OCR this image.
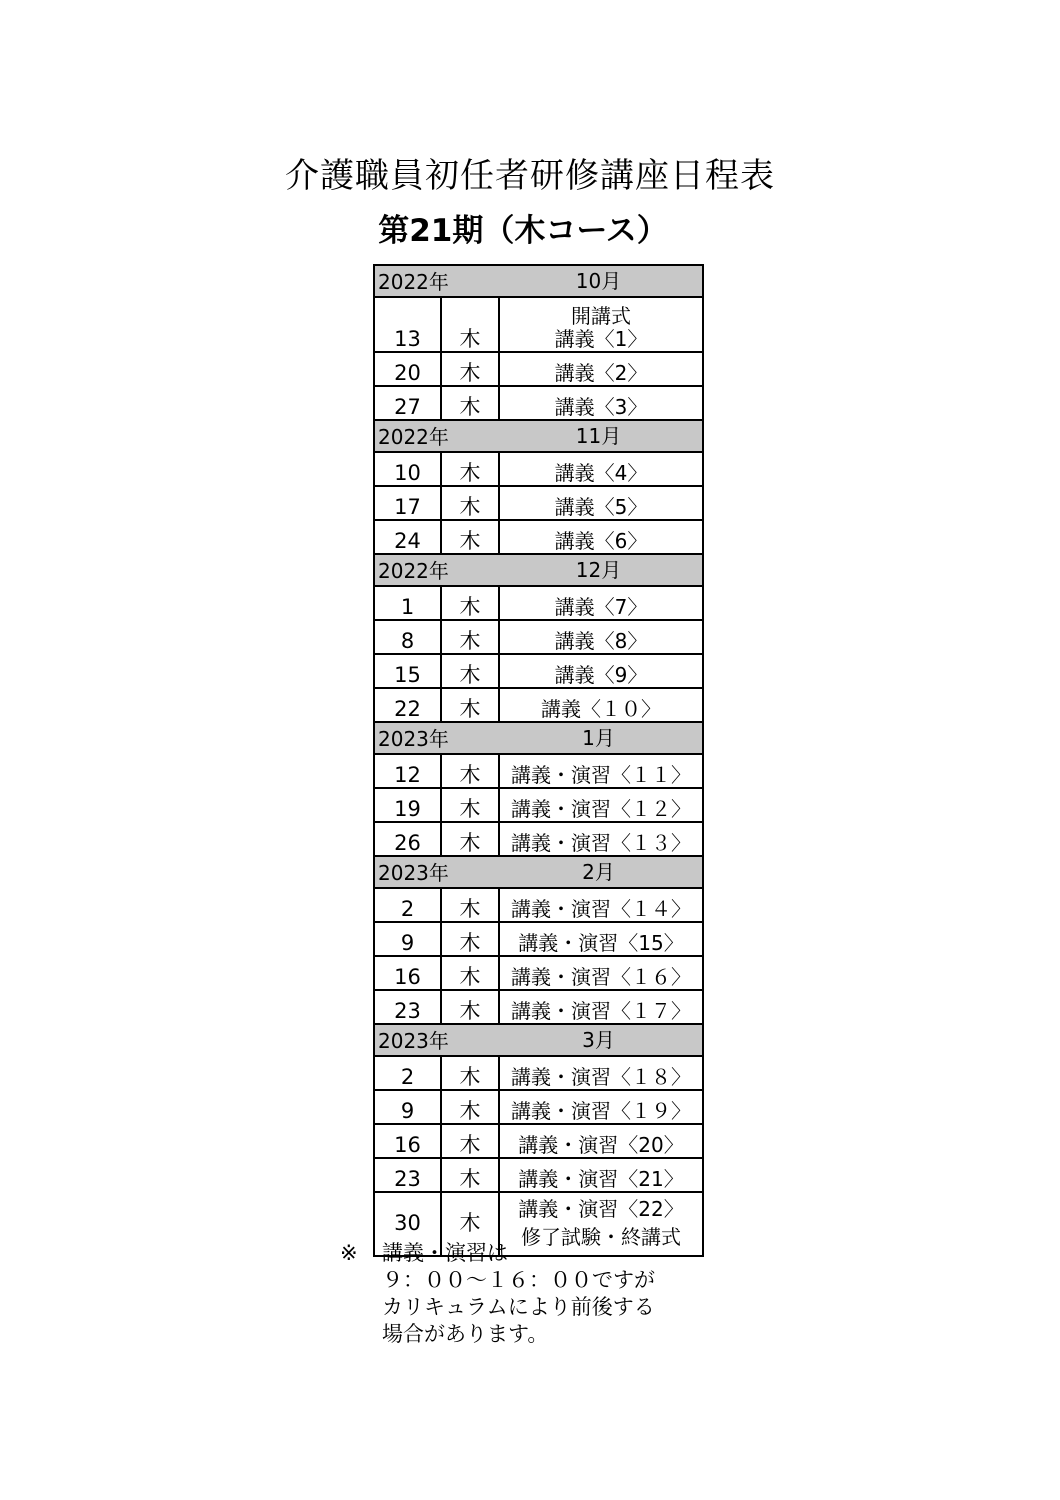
介護職員初任者研修講座日程表
第21期（木コース）
2022年 10月		
13	木	開講式
講義〈1〉

20	木	講義〈2〉

27	木	講義〈3〉

2022年 11月		
10	木	講義〈4〉

17	木	講義〈5〉

24	木	講義〈6〉

2022年 12月		
1	木	講義〈7〉

8	木	講義〈8〉

15	木	講義〈9〉

22	木	講義〈１０〉

2023年 1月		
12	木	講義・演習〈１１〉

19	木	講義・演習〈１２〉

26	木	講義・演習〈１３〉

2023年 2月		
2	木	講義・演習〈１４〉

9	木	講義・演習〈15〉

16	木	講義・演習〈１６〉

23	木	講義・演習〈１７〉

2023年 3月		
2	木	講義・演習〈１８〉

9	木	講義・演習〈１９〉

16	木	講義・演習〈20〉

23	木	講義・演習〈21〉

30	木	講義・演習〈22〉
修了試験・終講式
※ 講義・演習は
９：００～１６：００ですが
カリキュラムにより前後する
場合があります。
